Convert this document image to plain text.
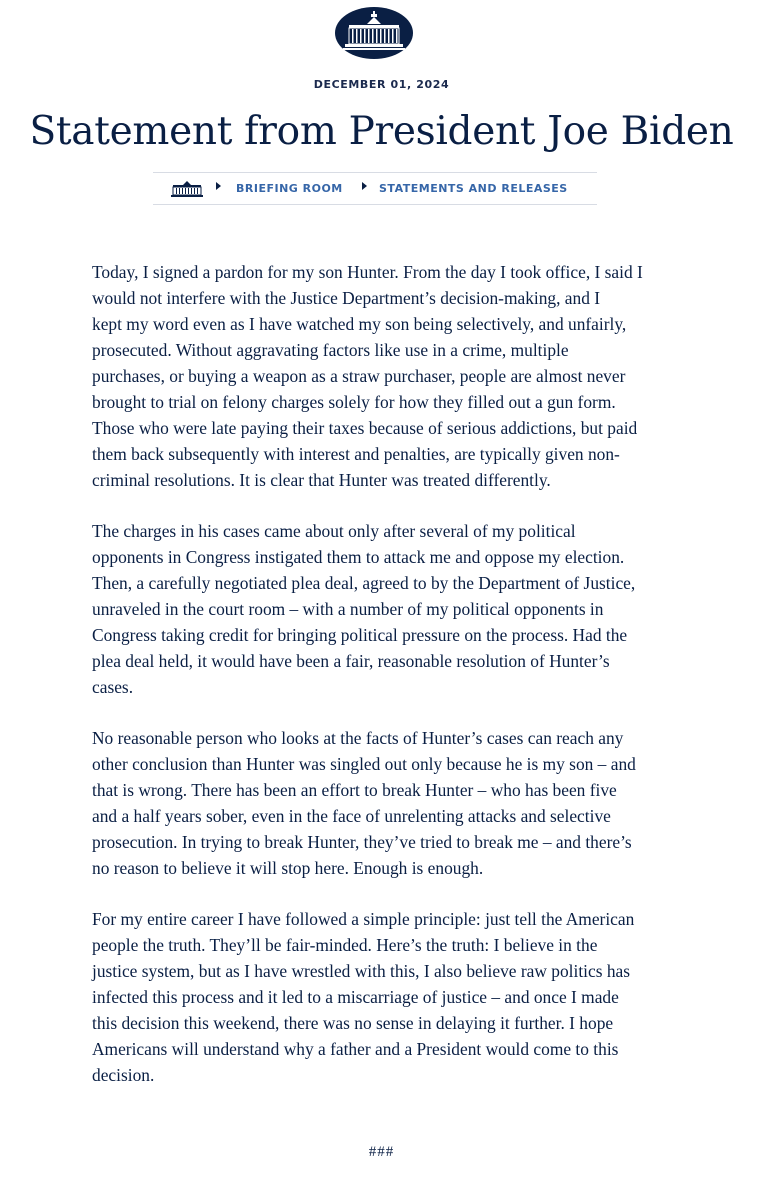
DECEMBER 01, 2024
Statement from President Joe Biden
BRIEFING ROOM	STATEMENTS AND RELEASES

Today, I signed a pardon for my son Hunter. From the day I took office, I said I
would not interfere with the Justice Department’s decision-making, and I
kept my word even as I have watched my son being selectively, and unfairly,
prosecuted. Without aggravating factors like use in a crime, multiple
purchases, or buying a weapon as a straw purchaser, people are almost never
brought to trial on felony charges solely for how they filled out a gun form.
Those who were late paying their taxes because of serious addictions, but paid
them back subsequently with interest and penalties, are typically given non-
criminal resolutions. It is clear that Hunter was treated differently.

The charges in his cases came about only after several of my political
opponents in Congress instigated them to attack me and oppose my election.
Then, a carefully negotiated plea deal, agreed to by the Department of Justice,
unraveled in the court room – with a number of my political opponents in
Congress taking credit for bringing political pressure on the process. Had the
plea deal held, it would have been a fair, reasonable resolution of Hunter’s
cases.

No reasonable person who looks at the facts of Hunter’s cases can reach any
other conclusion than Hunter was singled out only because he is my son – and
that is wrong. There has been an effort to break Hunter – who has been five
and a half years sober, even in the face of unrelenting attacks and selective
prosecution. In trying to break Hunter, they’ve tried to break me – and there’s
no reason to believe it will stop here. Enough is enough.

For my entire career I have followed a simple principle: just tell the American
people the truth. They’ll be fair-minded. Here’s the truth: I believe in the
justice system, but as I have wrestled with this, I also believe raw politics has
infected this process and it led to a miscarriage of justice – and once I made
this decision this weekend, there was no sense in delaying it further. I hope
Americans will understand why a father and a President would come to this
decision.

###
